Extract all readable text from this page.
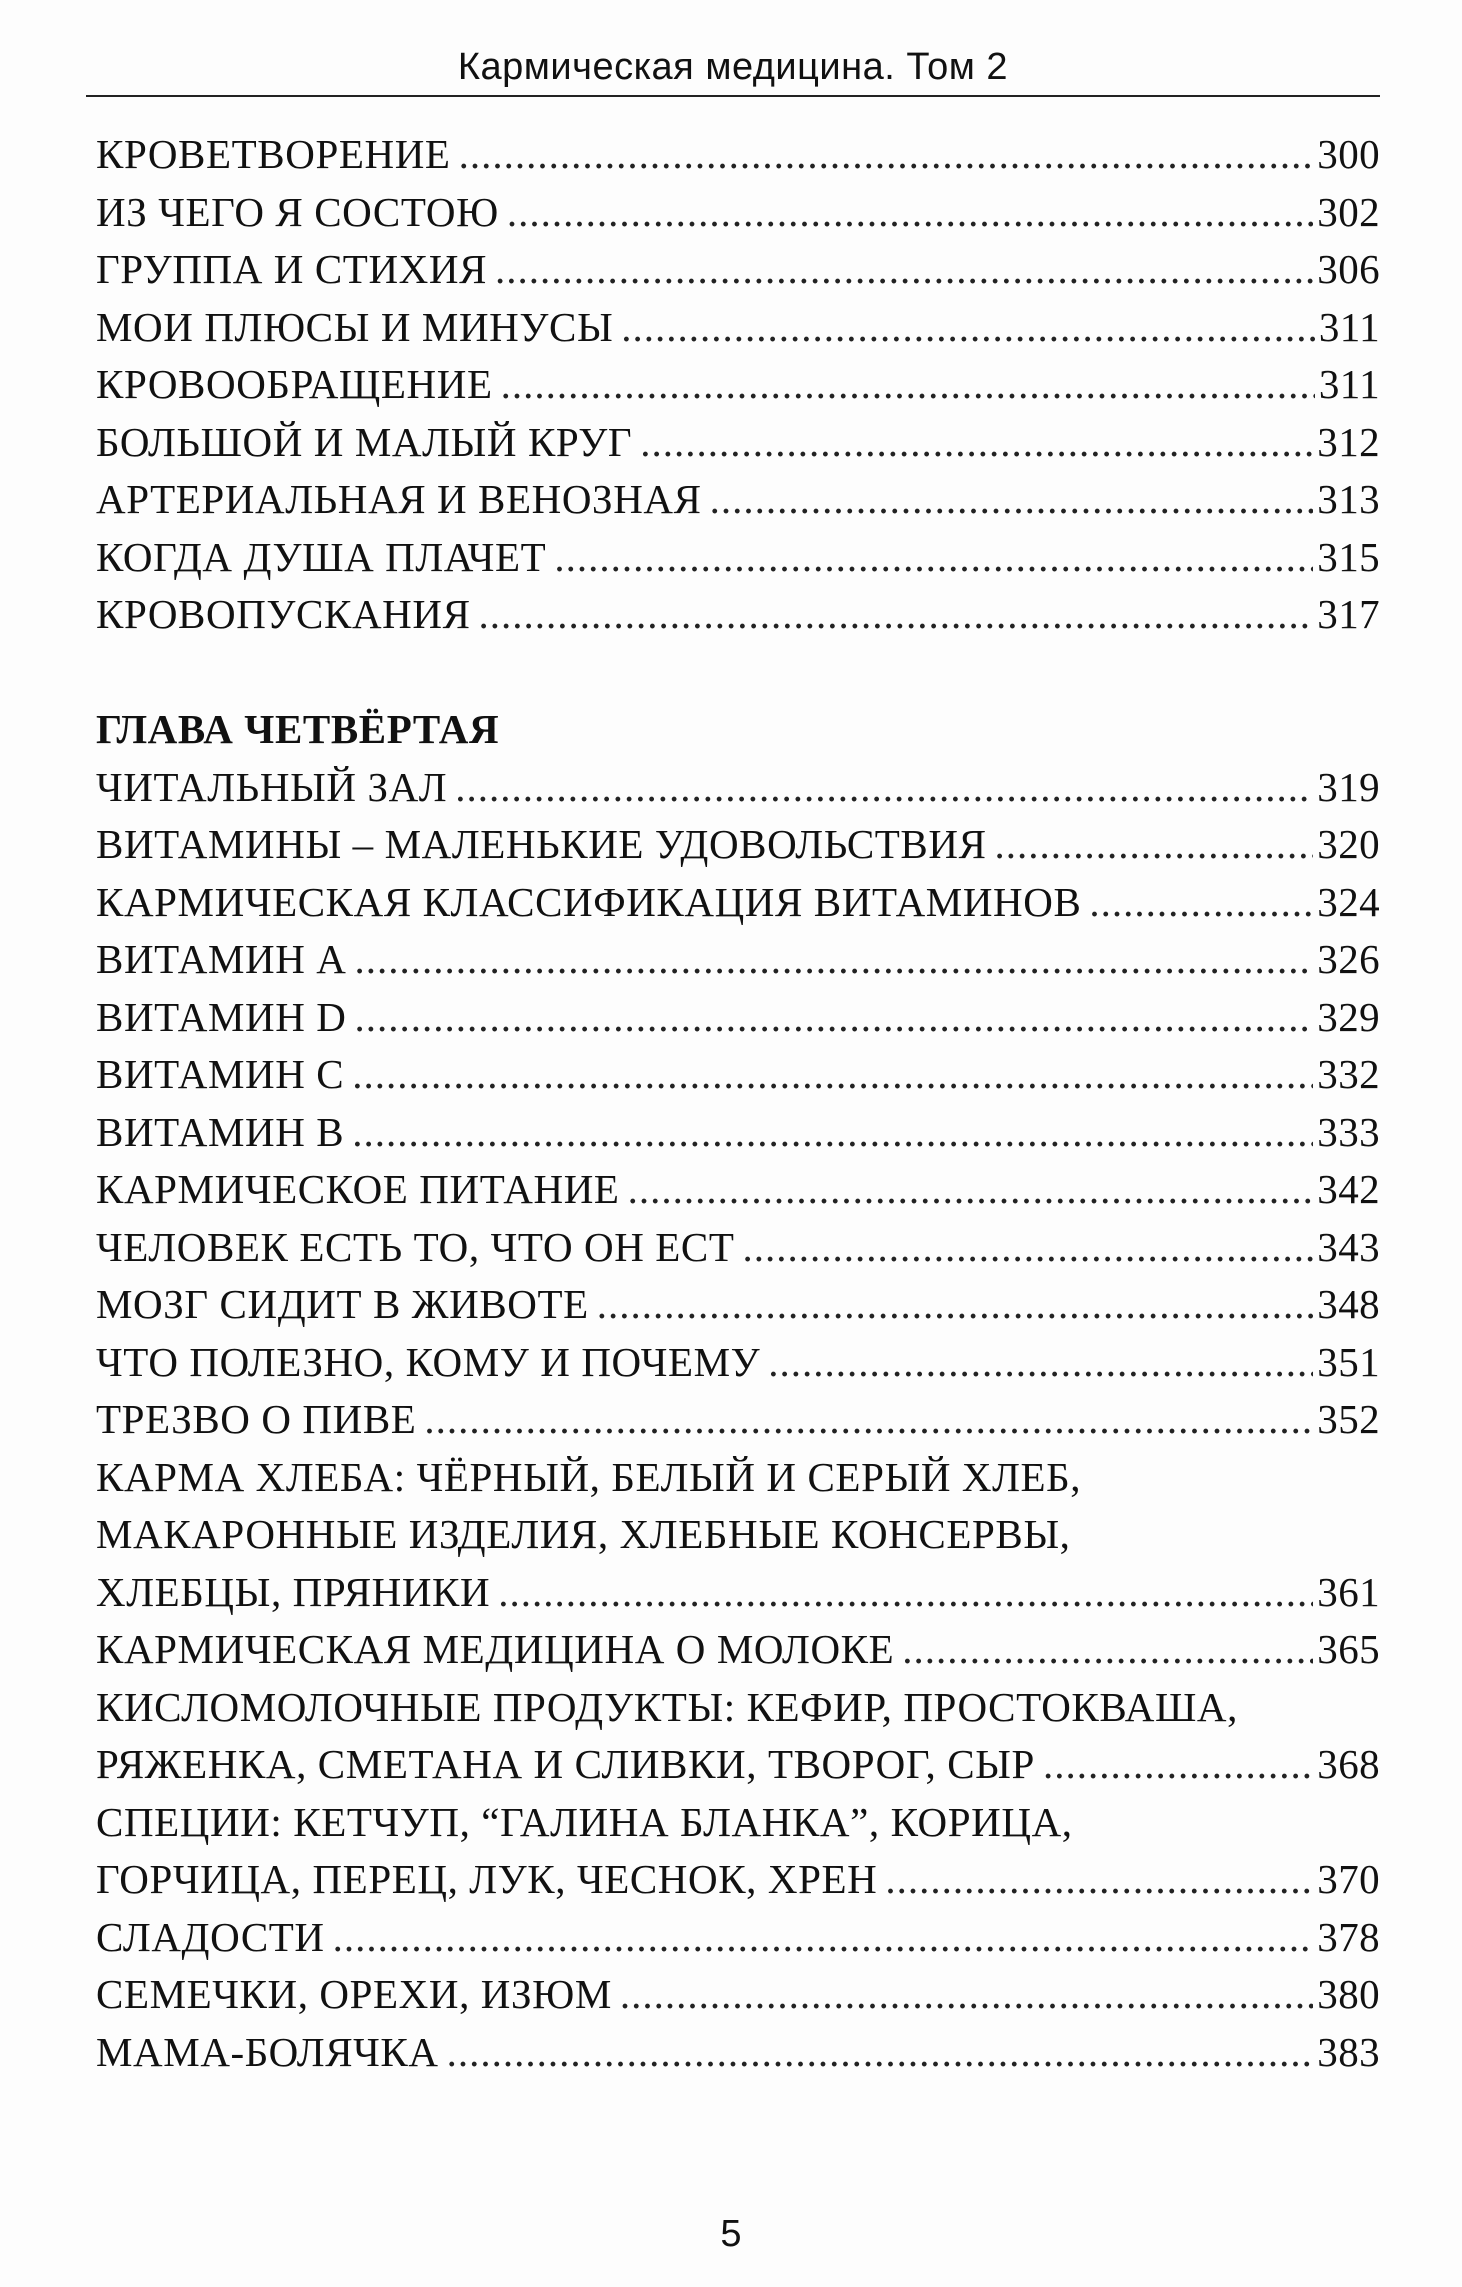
Кармическая медицина. Том 2
КРОВЕТВОРЕНИЕ .....	300
ИЗ ЧЕГО Я СОСТОЮ .....	302
ГРУППА И СТИХИЯ .....	306
МОИ ПЛЮСЫ И МИНУСЫ .....	311
КРОВООБРАЩЕНИЕ .....	311
БОЛЬШОЙ И МАЛЫЙ КРУГ .....	312
АРТЕРИАЛЬНАЯ И ВЕНОЗНАЯ .....	313
КОГДА ДУША ПЛАЧЕТ .....	315
КРОВОПУСКАНИЯ .....	317
ГЛАВА ЧЕТВЁРТАЯ
ЧИТАЛЬНЫЙ ЗАЛ .....	319
ВИТАМИНЫ – МАЛЕНЬКИЕ УДОВОЛЬСТВИЯ .....	320
КАРМИЧЕСКАЯ КЛАССИФИКАЦИЯ ВИТАМИНОВ .....	324
ВИТАМИН А .....	326
ВИТАМИН D .....	329
ВИТАМИН С .....	332
ВИТАМИН В .....	333
КАРМИЧЕСКОЕ ПИТАНИЕ .....	342
ЧЕЛОВЕК ЕСТЬ ТО, ЧТО ОН ЕСТ .....	343
МОЗГ СИДИТ В ЖИВОТЕ .....	348
ЧТО ПОЛЕЗНО, КОМУ И ПОЧЕМУ .....	351
ТРЕЗВО О ПИВЕ .....	352
КАРМА ХЛЕБА: ЧЁРНЫЙ, БЕЛЫЙ И СЕРЫЙ ХЛЕБ,
МАКАРОННЫЕ ИЗДЕЛИЯ, ХЛЕБНЫЕ КОНСЕРВЫ,
ХЛЕБЦЫ, ПРЯНИКИ .....	361
КАРМИЧЕСКАЯ МЕДИЦИНА О МОЛОКЕ .....	365
КИСЛОМОЛОЧНЫЕ ПРОДУКТЫ: КЕФИР, ПРОСТОКВАША,
РЯЖЕНКА, СМЕТАНА И СЛИВКИ, ТВОРОГ, СЫР .....	368
СПЕЦИИ: КЕТЧУП, “ГАЛИНА БЛАНКА”, КОРИЦА,
ГОРЧИЦА, ПЕРЕЦ, ЛУК, ЧЕСНОК, ХРЕН .....	370
СЛАДОСТИ .....	378
СЕМЕЧКИ, ОРЕХИ, ИЗЮМ .....	380
МАМА-БОЛЯЧКА .....	383
5
